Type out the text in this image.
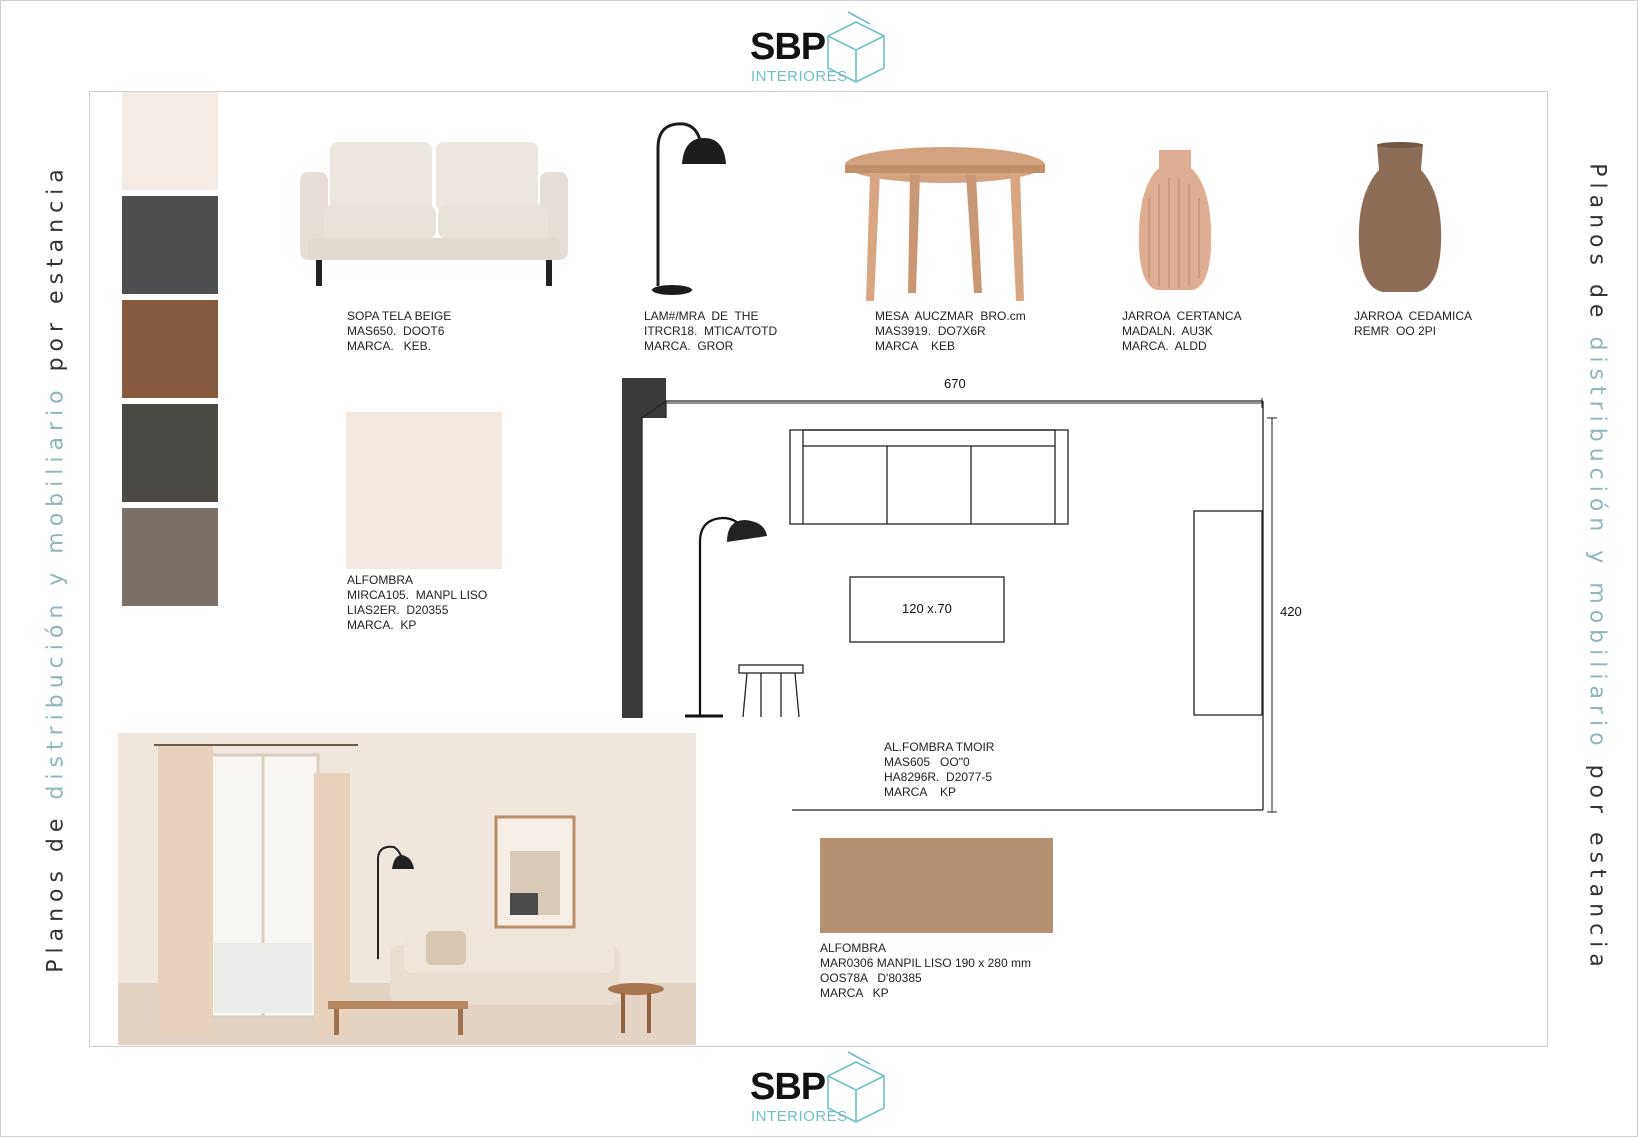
SBP
INTERIORES
SBP
INTERIORES
Planos de distribución y mobiliario por estancia	Planos de distribución y mobiliario por estancia
SOPA TELA BEIGE
MAS650.  DOOT6
MARCA.   KEB.
LAM#/MRA  DE  THE
ITRCR18.  MTICA/TOTD
MARCA.  GROR
MESA  AUCZMAR  BRO.cm
MAS3919.  DO7X6R
MARCA    KEB
JARROA  CERTANCA
MADALN.  AU3K
MARCA.  ALDD
JARROA  CEDAMICA
REMR  OO 2PI
ALFOMBRA
MIRCA105.  MANPL LISO
LIAS2ER.  D20355
MARCA.  KP
670
420
120 x.70
AL.FOMBRA TMOIR
MAS605   OO"0
HA8296R.  D2077-5
MARCA    KP
ALFOMBRA
MAR0306 MANPIL LISO 190 x 280 mm
OOS78A   D'80385
MARCA   KP
